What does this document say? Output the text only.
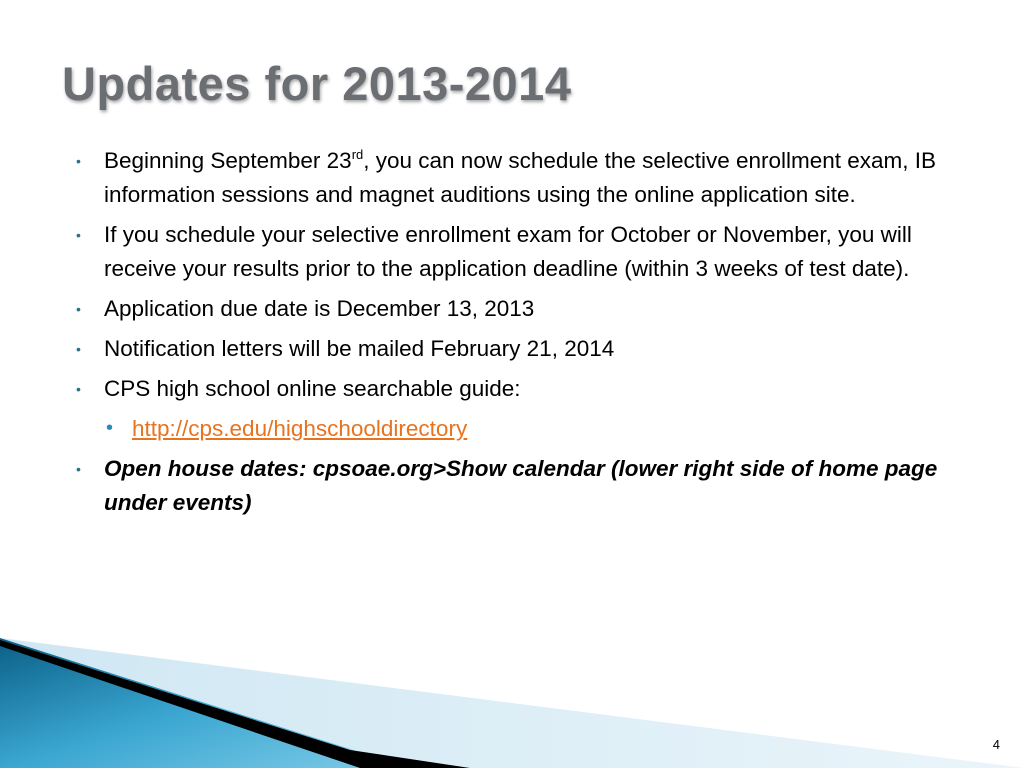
Updates for 2013-2014
• Beginning September 23rd, you can now schedule the selective enrollment exam, IB information sessions and magnet auditions using the online application site.
• If you schedule your selective enrollment exam for October or November, you will receive your results prior to the application deadline (within 3 weeks of test date).
• Application due date is December 13, 2013
• Notification letters will be mailed February 21, 2014
• CPS high school online searchable guide:
• http://cps.edu/highschooldirectory
• Open house dates: cpsoae.org>Show calendar (lower right side of home page under events)
4
